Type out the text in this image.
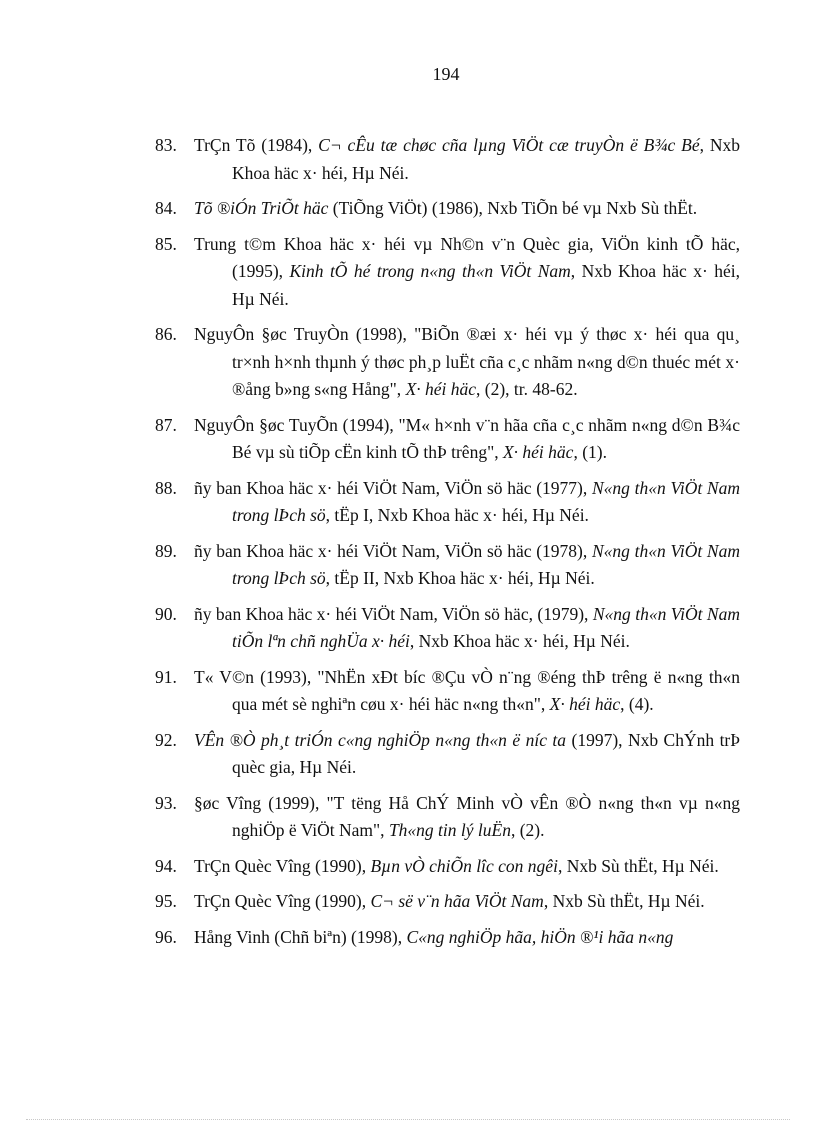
194
83. TrÇn Tõ (1984), C¬ cÊu tæ chøc cña lµng ViÖt cæ truyÒn ë B¾c Bé, Nxb Khoa häc x· héi, Hµ Néi.
84. Tõ ®iÓn TriÕt häc (TiÕng ViÖt) (1986), Nxb TiÕn bé vµ Nxb Sù thËt.
85. Trung t©m Khoa häc x· héi vµ Nh©n v¨n Quèc gia, ViÖn kinh tÕ häc, (1995), Kinh tÕ hé trong n«ng th«n ViÖt Nam, Nxb Khoa häc x· héi, Hµ Néi.
86. NguyÔn §øc TruyÒn (1998), "BiÕn ®æi x· héi vµ ý thøc x· héi qua qu¸ tr×nh h×nh thµnh ý thøc ph¸p luËt cña c¸c nhãm n«ng d©n thuéc mét x· ®ång b»ng s«ng Hång", X· héi häc, (2), tr. 48-62.
87. NguyÔn §øc TuyÕn (1994), "M« h×nh v¨n hãa cña c¸c nhãm n«ng d©n B¾c Bé vµ sù tiÕp cËn kinh tÕ thÞ trêng", X· héi häc, (1).
88. ñy ban Khoa häc x· héi ViÖt Nam, ViÖn sö häc (1977), N«ng th«n ViÖt Nam trong lÞch sö, tËp I, Nxb Khoa häc x· héi, Hµ Néi.
89. ñy ban Khoa häc x· héi ViÖt Nam, ViÖn sö häc (1978), N«ng th«n ViÖt Nam trong lÞch sö, tËp II, Nxb Khoa häc x· héi, Hµ Néi.
90. ñy ban Khoa häc x· héi ViÖt Nam, ViÖn sö häc, (1979), N«ng th«n ViÖt Nam tiÕn lªn chñ nghÜa x· héi, Nxb Khoa häc x· héi, Hµ Néi.
91. T« V©n (1993), "NhËn xÐt bíc ®Çu vÒ n¨ng ®éng thÞ trêng ë n«ng th«n qua mét sè nghiªn cøu x· héi häc n«ng th«n", X· héi häc, (4).
92. VÊn ®Ò ph¸t triÓn c«ng nghiÖp n«ng th«n ë níc ta (1997), Nxb ChÝnh trÞ quèc gia, Hµ Néi.
93. §øc Vîng (1999), "T tëng Hå ChÝ Minh vÒ vÊn ®Ò n«ng th«n vµ n«ng nghiÖp ë ViÖt Nam", Th«ng tin lý luËn, (2).
94. TrÇn Quèc Vîng (1990), Bµn vÒ chiÕn lîc con ngêi, Nxb Sù thËt, Hµ Néi.
95. TrÇn Quèc Vîng (1990), C¬ së v¨n hãa ViÖt Nam, Nxb Sù thËt, Hµ Néi.
96. Hång Vinh (Chñ biªn) (1998), C«ng nghiÖp hãa, hiÖn ®¹i hãa n«ng
